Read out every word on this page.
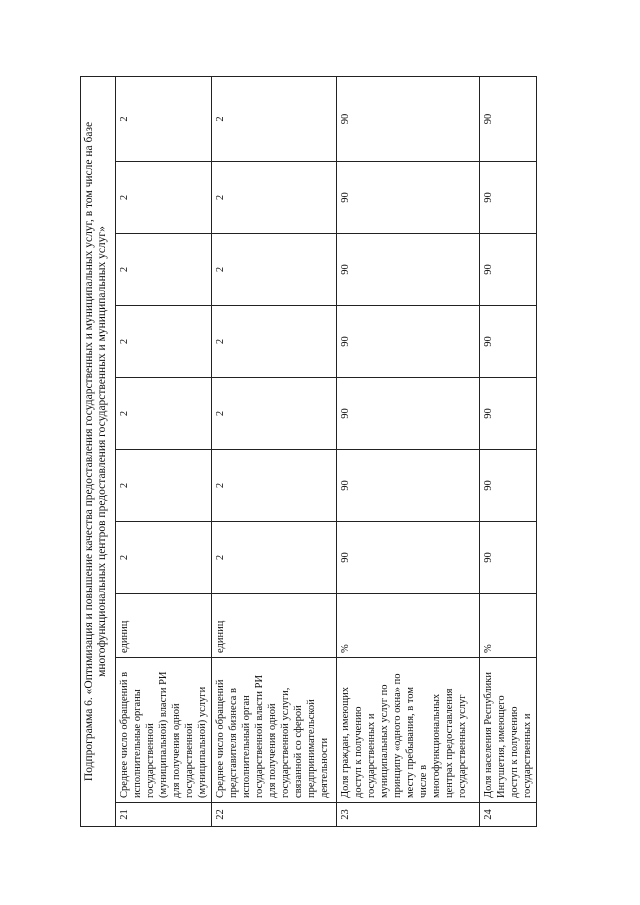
Подпрограмма 6. «Оптимизация и повышение качества предоставления государственных и муниципальных услуг, в том числе на базе многофункциональных центров предоставления государственных и муниципальных услуг»									
21	Среднее число обращений в исполнительные органы государственной (муниципальной) власти РИ для получения одной государственной (муниципальной) услуги	единиц	2	2	2	2	2	2	2
22	Среднее число обращений представителя бизнеса в исполнительный орган государственной власти РИ для получения одной государственной услуги, связанной со сферой предпринимательской деятельности	единиц	2	2	2	2	2	2	2
23	Доля граждан, имеющих доступ к получению государственных и муниципальных услуг по принципу «одного окна» по месту пребывания, в том числе в многофункциональных центрах предоставления государственных услуг	%	90	90	90	90	90	90	90
24	Доля населения Республики Ингушетия, имеющего доступ к получению государственных и	%	90	90	90	90	90	90	90
